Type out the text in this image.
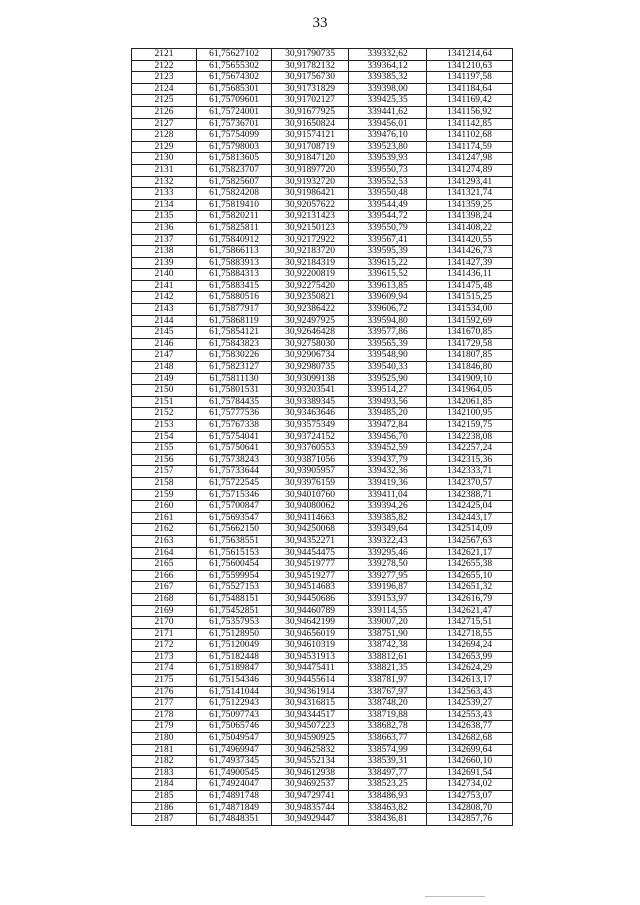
33
2121	61,75627102	30,91790735	339332,62	1341214,64
2122	61,75655302	30,91782132	339364,12	1341210,63
2123	61,75674302	30,91756730	339385,32	1341197,58
2124	61,75685301	30,91731829	339398,00	1341184,64
2125	61,75709601	30,91702127	339425,35	1341169,42
2126	61,75724001	30,91677925	339441,62	1341156,92
2127	61,75736701	30,91650824	339456,01	1341142,85
2128	61,75754099	30,91574121	339476,10	1341102,68
2129	61,75798003	30,91708719	339523,80	1341174,59
2130	61,75813605	30,91847120	339539,93	1341247,98
2131	61,75823707	30,91897720	339550,73	1341274,89
2132	61,75825607	30,91932720	339552,53	1341293,41
2133	61,75824208	30,91986421	339550,48	1341321,74
2134	61,75819410	30,92057622	339544,49	1341359,25
2135	61,75820211	30,92131423	339544,72	1341398,24
2136	61,75825811	30,92150123	339550,79	1341408,22
2137	61,75840912	30,92172922	339567,41	1341420,55
2138	61,75866113	30,92183720	339595,39	1341426,73
2139	61,75883913	30,92184319	339615,22	1341427,39
2140	61,75884313	30,92200819	339615,52	1341436,11
2141	61,75883415	30,92275420	339613,85	1341475,48
2142	61,75880516	30,92350821	339609,94	1341515,25
2143	61,75877917	30,92386422	339606,72	1341534,00
2144	61,75868119	30,92497925	339594,80	1341592,69
2145	61,75854121	30,92646428	339577,86	1341670,85
2146	61,75843823	30,92758030	339565,39	1341729,58
2147	61,75830226	30,92906734	339548,90	1341807,85
2148	61,75823127	30,92980735	339540,33	1341846,80
2149	61,75811130	30,93099138	339525,90	1341909,10
2150	61,75801531	30,93203541	339514,27	1341964,05
2151	61,75784435	30,93389345	339493,56	1342061,85
2152	61,75777536	30,93463646	339485,20	1342100,95
2153	61,75767338	30,93575349	339472,84	1342159,75
2154	61,75754041	30,93724152	339456,70	1342238,08
2155	61,75750641	30,93760553	339452,59	1342257,24
2156	61,75738243	30,93871056	339437,79	1342315,36
2157	61,75733644	30,93905957	339432,36	1342333,71
2158	61,75722545	30,93976159	339419,36	1342370,57
2159	61,75715346	30,94010760	339411,04	1342388,71
2160	61,75700847	30,94080062	339394,26	1342425,04
2161	61,75693547	30,94114663	339385,82	1342443,17
2162	61,75662150	30,94250068	339349,64	1342514,09
2163	61,75638551	30,94352271	339322,43	1342567,63
2164	61,75615153	30,94454475	339295,46	1342621,17
2165	61,75600454	30,94519777	339278,50	1342655,38
2166	61,75599954	30,94519277	339277,95	1342655,10
2167	61,75527153	30,94514683	339196,87	1342651,32
2168	61,75488151	30,94450686	339153,97	1342616,79
2169	61,75452851	30,94460789	339114,55	1342621,47
2170	61,75357953	30,94642199	339007,20	1342715,51
2171	61,75128950	30,94656019	338751,90	1342718,55
2172	61,75120049	30,94610319	338742,38	1342694,24
2173	61,75182448	30,94531913	338812,61	1342653,99
2174	61,75189847	30,94475411	338821,35	1342624,29
2175	61,75154346	30,94455614	338781,97	1342613,17
2176	61,75141044	30,94361914	338767,97	1342563,43
2177	61,75122943	30,94316815	338748,20	1342539,27
2178	61,75097743	30,94344517	338719,88	1342553,43
2179	61,75065746	30,94507223	338682,78	1342638,77
2180	61,75049547	30,94590925	338663,77	1342682,68
2181	61,74969947	30,94625832	338574,99	1342699,64
2182	61,74937345	30,94552134	338539,31	1342660,10
2183	61,74900545	30,94612938	338497,77	1342691,54
2184	61,74924047	30,94692537	338523,25	1342734,02
2185	61,74891748	30,94729741	338486,93	1342753,07
2186	61,74871849	30,94835744	338463,82	1342808,70
2187	61,74848351	30,94929447	338436,81	1342857,76
